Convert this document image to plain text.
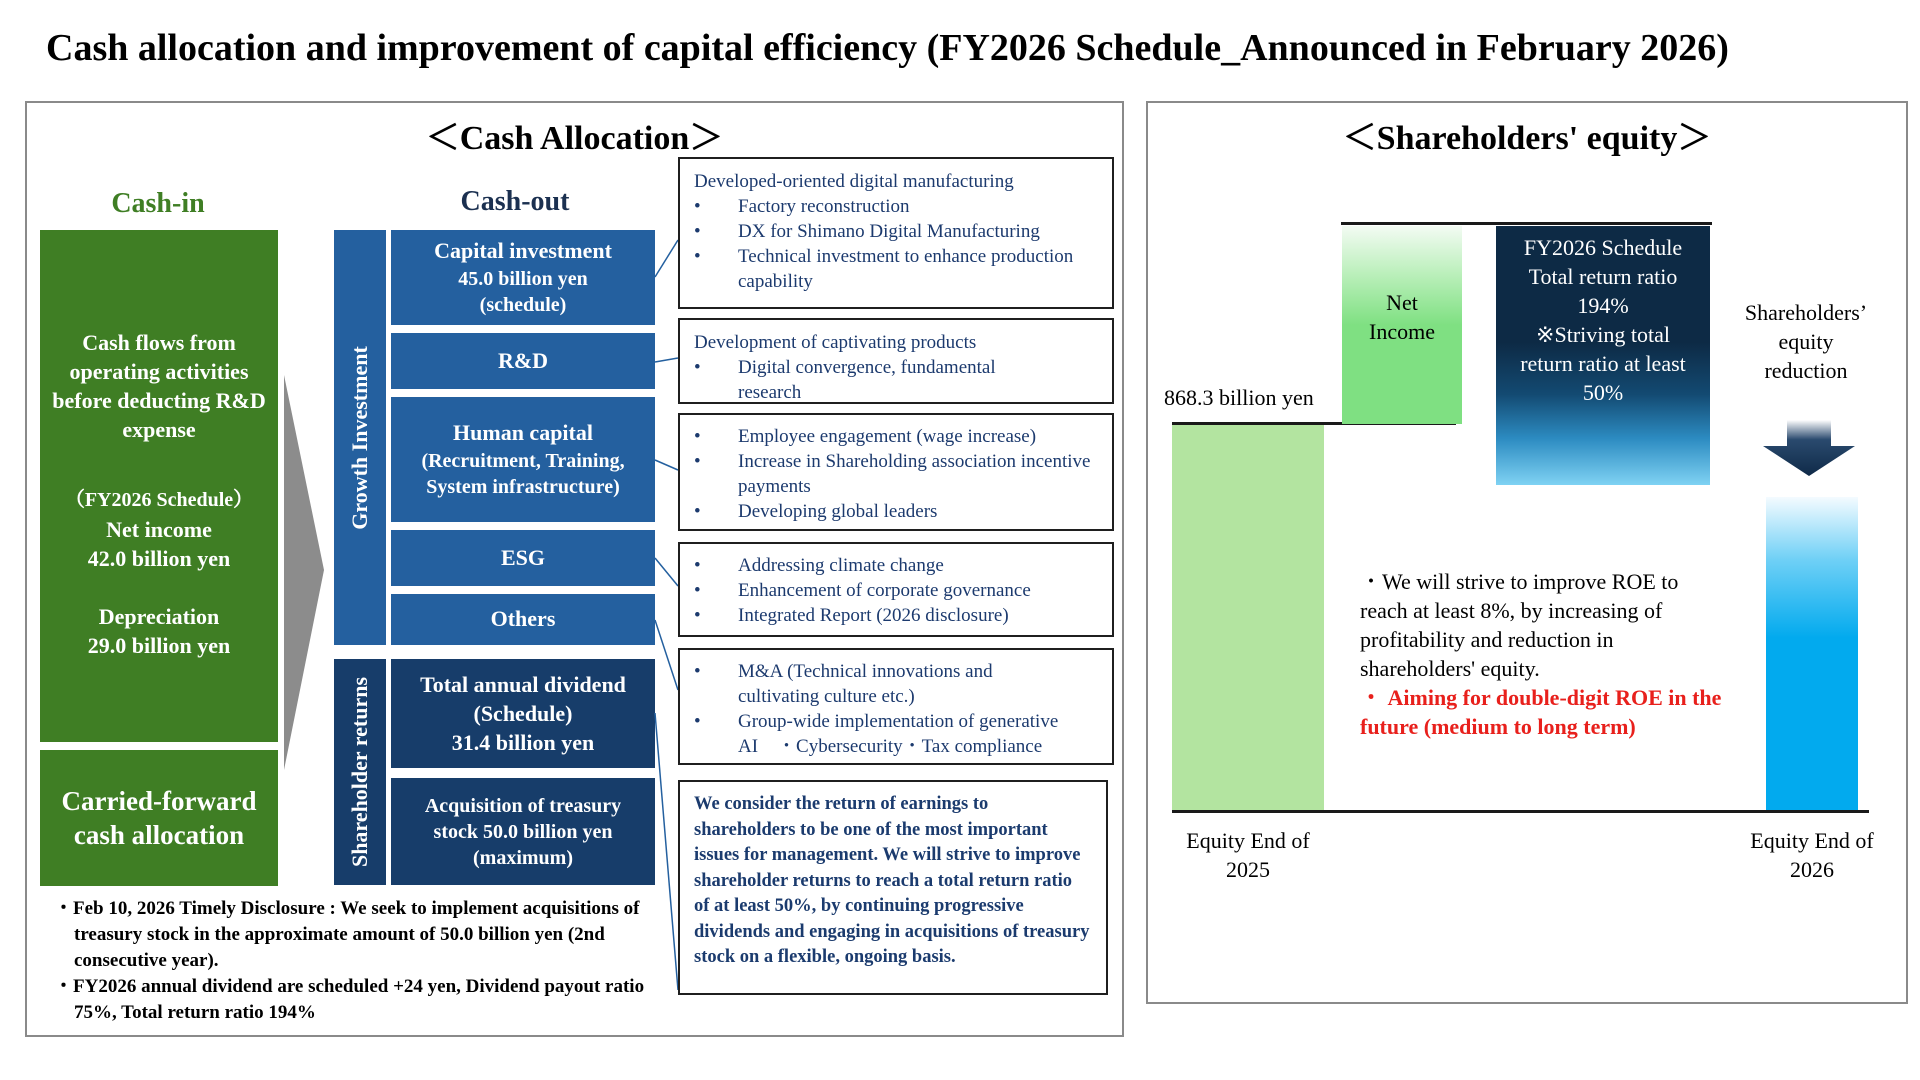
Cash allocation and improvement of capital efficiency (FY2026 Schedule_Announced in February 2026)
＜Cash Allocation＞
Cash-in
Cash flows from operating activities before deducting R&D expense
（FY2026 Schedule）
Net income
42.0 billion yen
Depreciation
29.0 billion yen
Carried-forward cash allocation
Cash-out
Growth Investment
Shareholder returns
Capital investment
45.0 billion yen
(schedule)
R&D
Human capital
(Recruitment, Training,
System infrastructure)
ESG
Others
Total annual dividend
(Schedule)
31.4 billion yen
Acquisition of treasury
stock 50.0 billion yen
(maximum)
Developed-oriented digital manufacturing
• Factory reconstruction
• DX for Shimano Digital Manufacturing
• Technical investment to enhance production capability
Development of captivating products
• Digital convergence, fundamental research
• Employee engagement (wage increase)
• Increase in Shareholding association incentive payments
• Developing global leaders
• Addressing climate change
• Enhancement of corporate governance
• Integrated Report (2026 disclosure)
• M&A (Technical innovations and cultivating culture etc.)
• Group-wide implementation of generative AI　・Cybersecurity・Tax compliance
We consider the return of earnings to shareholders to be one of the most important issues for management. We will strive to improve shareholder returns to reach a total return ratio of at least 50%, by continuing progressive dividends and engaging in acquisitions of treasury stock on a flexible, ongoing basis.
・Feb 10, 2026 Timely Disclosure : We seek to implement acquisitions of treasury stock in the approximate amount of 50.0 billion yen (2nd consecutive year).
・FY2026 annual dividend are scheduled +24 yen, Dividend payout ratio 75%, Total return ratio 194%
＜Shareholders' equity＞
868.3 billion yen
Net Income
FY2026 Schedule
Total return ratio
194%
※Striving total
return ratio at least
50%
Shareholders’ equity reduction
・We will strive to improve ROE to reach at least 8%, by increasing of profitability and reduction in shareholders' equity.
・ Aiming for double-digit ROE in the future (medium to long term)
Equity End of 2025
Equity End of 2026
